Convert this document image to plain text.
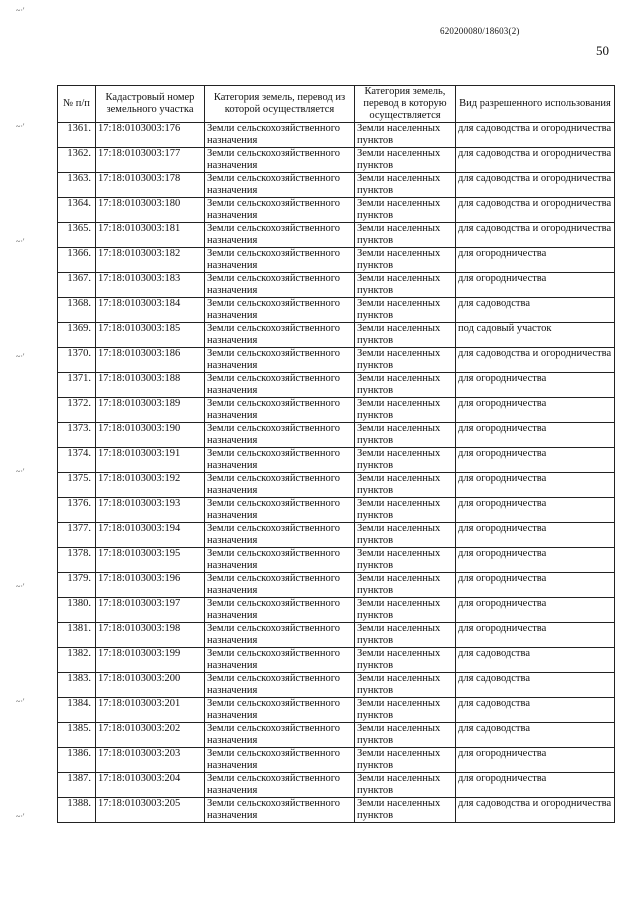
620200080/18603(2)
50
~·'
~·'
~·'
~·'
~·'
~·'
~·'
~·'
№ п/п	Кадастровый номер земельного участка	Категория земель, перевод из которой осуществляется	Категория земель, перевод в которую осуществляется	Вид разрешенного использования
1361.	17:18:0103003:176	Земли сельскохозяйственного назначения	Земли населенных пунктов	для садоводства и огородничества
1362.	17:18:0103003:177	Земли сельскохозяйственного назначения	Земли населенных пунктов	для садоводства и огородничества
1363.	17:18:0103003:178	Земли сельскохозяйственного назначения	Земли населенных пунктов	для садоводства и огородничества
1364.	17:18:0103003:180	Земли сельскохозяйственного назначения	Земли населенных пунктов	для садоводства и огородничества
1365.	17:18:0103003:181	Земли сельскохозяйственного назначения	Земли населенных пунктов	для садоводства и огородничества
1366.	17:18:0103003:182	Земли сельскохозяйственного назначения	Земли населенных пунктов	для огородничества
1367.	17:18:0103003:183	Земли сельскохозяйственного назначения	Земли населенных пунктов	для огородничества
1368.	17:18:0103003:184	Земли сельскохозяйственного назначения	Земли населенных пунктов	для садоводства
1369.	17:18:0103003:185	Земли сельскохозяйственного назначения	Земли населенных пунктов	под садовый участок
1370.	17:18:0103003:186	Земли сельскохозяйственного назначения	Земли населенных пунктов	для садоводства и огородничества
1371.	17:18:0103003:188	Земли сельскохозяйственного назначения	Земли населенных пунктов	для огородничества
1372.	17:18:0103003:189	Земли сельскохозяйственного назначения	Земли населенных пунктов	для огородничества
1373.	17:18:0103003:190	Земли сельскохозяйственного назначения	Земли населенных пунктов	для огородничества
1374.	17:18:0103003:191	Земли сельскохозяйственного назначения	Земли населенных пунктов	для огородничества
1375.	17:18:0103003:192	Земли сельскохозяйственного назначения	Земли населенных пунктов	для огородничества
1376.	17:18:0103003:193	Земли сельскохозяйственного назначения	Земли населенных пунктов	для огородничества
1377.	17:18:0103003:194	Земли сельскохозяйственного назначения	Земли населенных пунктов	для огородничества
1378.	17:18:0103003:195	Земли сельскохозяйственного назначения	Земли населенных пунктов	для огородничества
1379.	17:18:0103003:196	Земли сельскохозяйственного назначения	Земли населенных пунктов	для огородничества
1380.	17:18:0103003:197	Земли сельскохозяйственного назначения	Земли населенных пунктов	для огородничества
1381.	17:18:0103003:198	Земли сельскохозяйственного назначения	Земли населенных пунктов	для огородничества
1382.	17:18:0103003:199	Земли сельскохозяйственного назначения	Земли населенных пунктов	для садоводства
1383.	17:18:0103003:200	Земли сельскохозяйственного назначения	Земли населенных пунктов	для садоводства
1384.	17:18:0103003:201	Земли сельскохозяйственного назначения	Земли населенных пунктов	для садоводства
1385.	17:18:0103003:202	Земли сельскохозяйственного назначения	Земли населенных пунктов	для садоводства
1386.	17:18:0103003:203	Земли сельскохозяйственного назначения	Земли населенных пунктов	для огородничества
1387.	17:18:0103003:204	Земли сельскохозяйственного назначения	Земли населенных пунктов	для огородничества
1388.	17:18:0103003:205	Земли сельскохозяйственного назначения	Земли населенных пунктов	для садоводства и огородничества
